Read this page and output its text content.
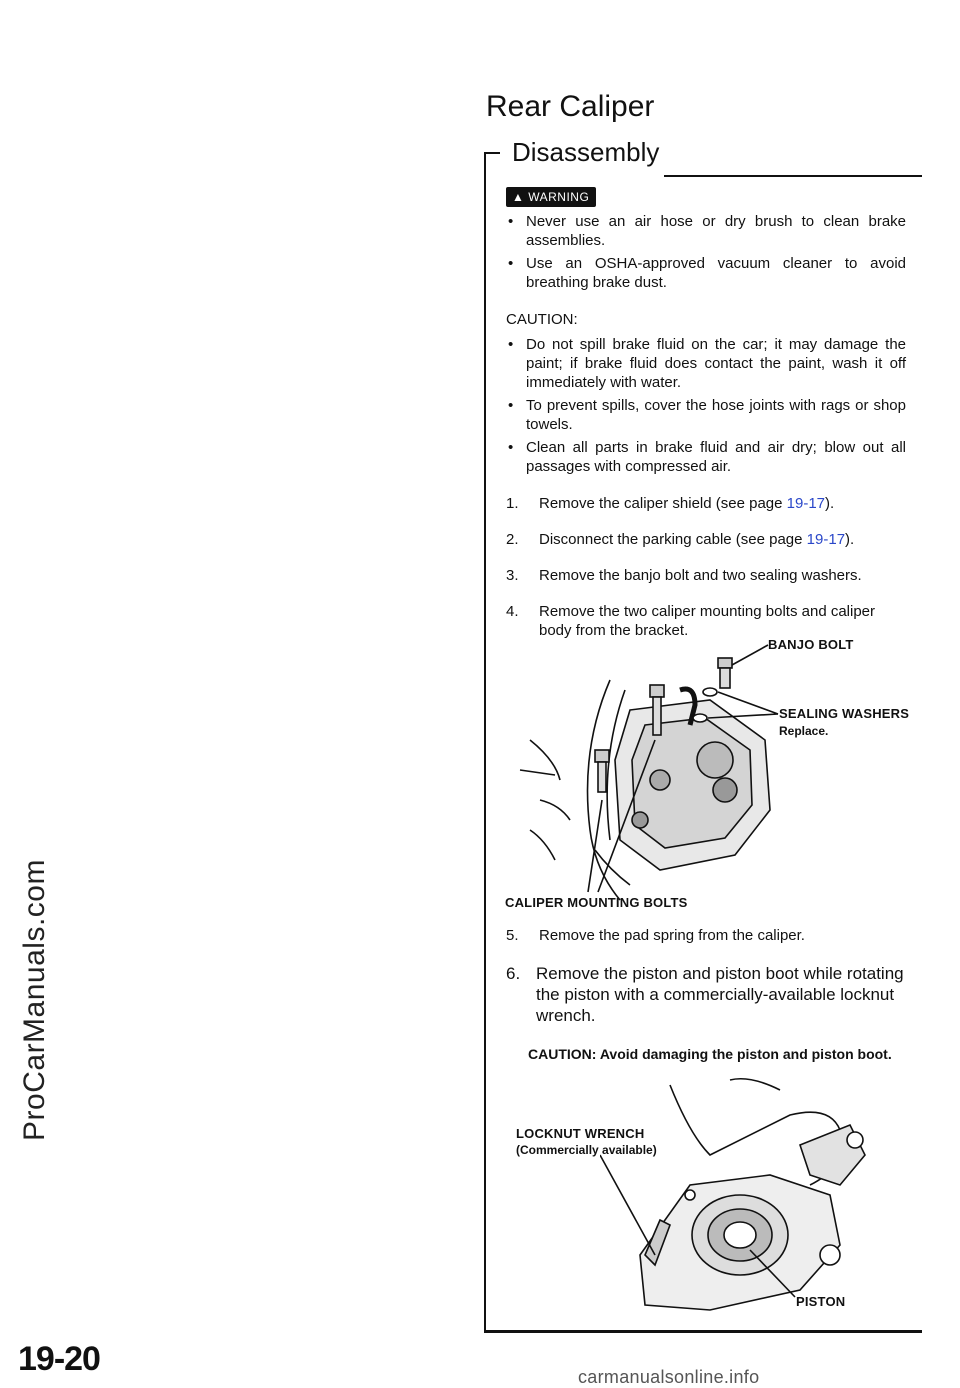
ProCarManuals.com
Rear Caliper
Disassembly
▲ WARNING
• Never use an air hose or dry brush to clean brake assemblies.
• Use an OSHA-approved vacuum cleaner to avoid breathing brake dust.
CAUTION:
• Do not spill brake fluid on the car; it may damage the paint; if brake fluid does contact the paint, wash it off immediately with water.
• To prevent spills, cover the hose joints with rags or shop towels.
• Clean all parts in brake fluid and air dry; blow out all passages with compressed air.
1. Remove the caliper shield (see page 19-17).
2. Disconnect the parking cable (see page 19-17).
3. Remove the banjo bolt and two sealing washers.
4. Remove the two caliper mounting bolts and caliper body from the bracket.
BANJO BOLT
SEALING WASHERS
Replace.
CALIPER MOUNTING BOLTS
5. Remove the pad spring from the caliper.
6. Remove the piston and piston boot while rotating the piston with a commercially-available locknut wrench.
CAUTION: Avoid damaging the piston and piston boot.
LOCKNUT WRENCH
(Commercially available)
PISTON
19-20	carmanualsonline.info
